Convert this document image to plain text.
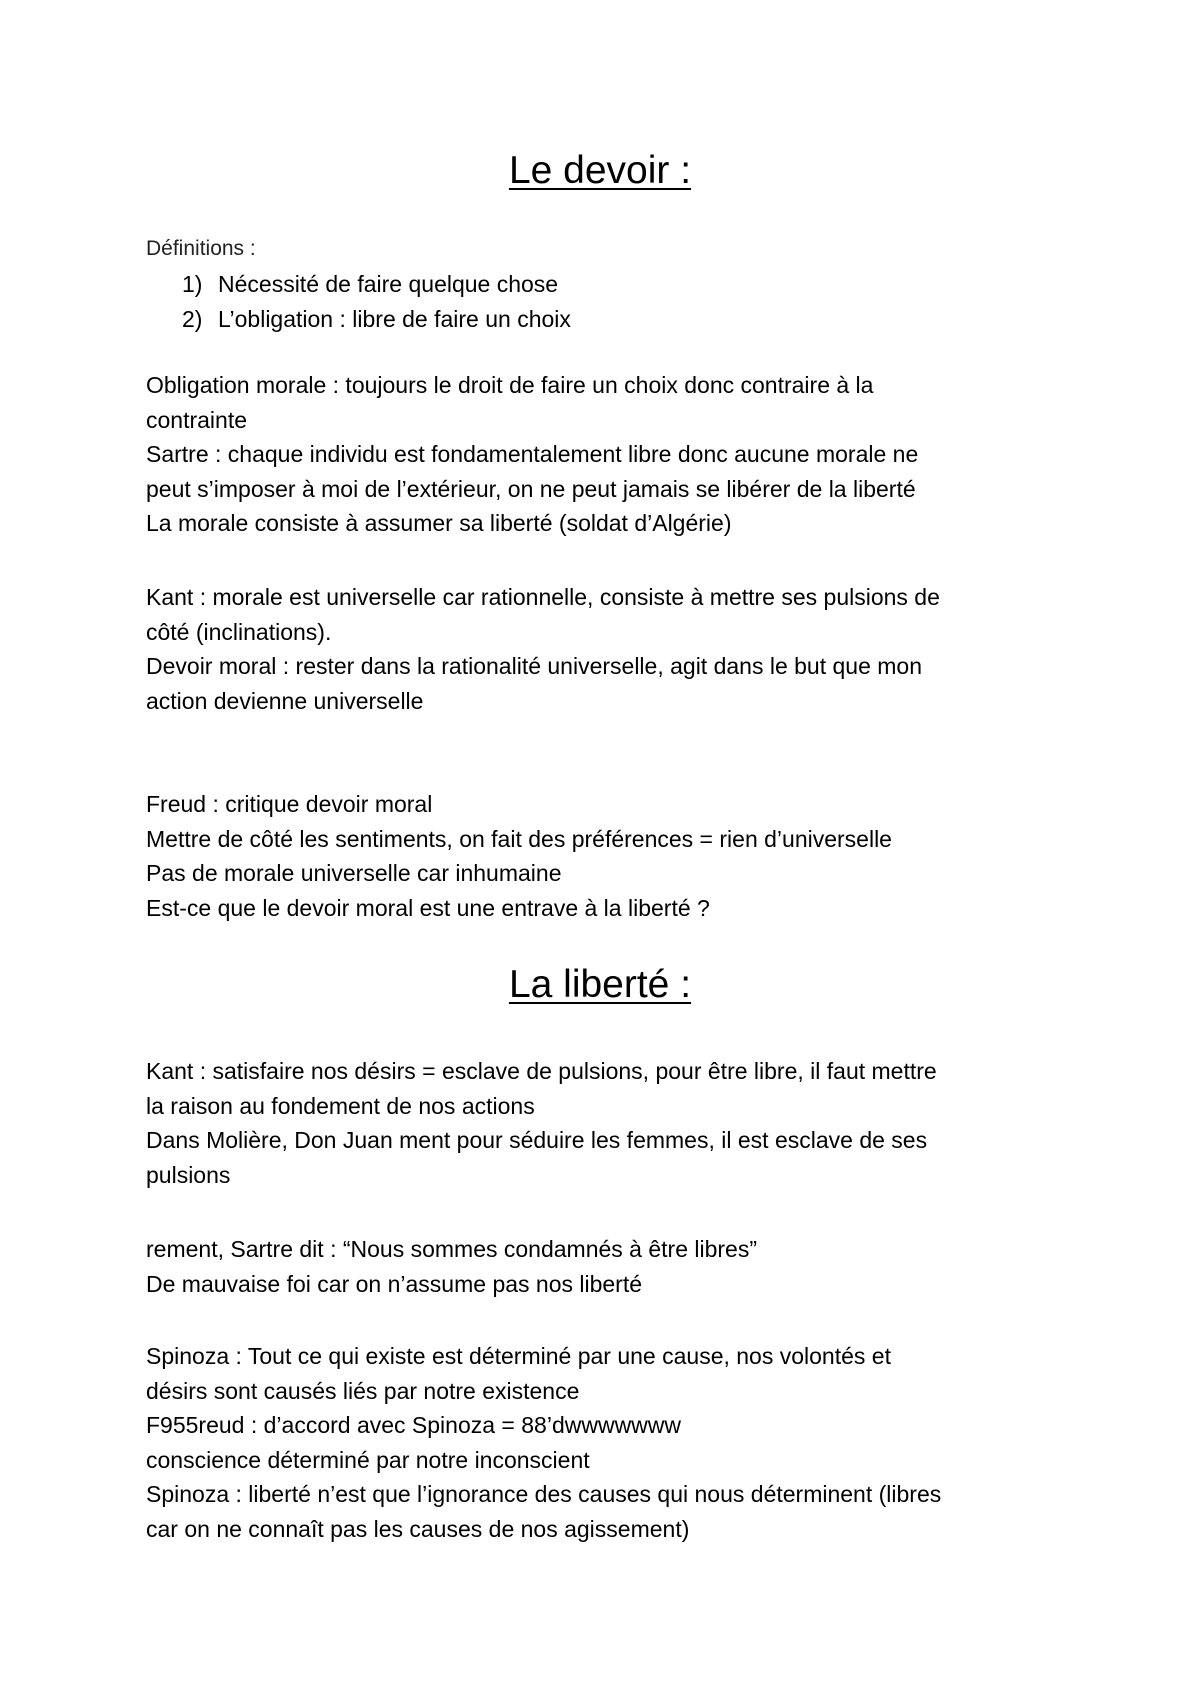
Le devoir :
Définitions :
1) Nécessité de faire quelque chose
2) L’obligation : libre de faire un choix

Obligation morale : toujours le droit de faire un choix donc contraire à la

contrainte

Sartre : chaque individu est fondamentalement libre donc aucune morale ne

peut s’imposer à moi de l’extérieur, on ne peut jamais se libérer de la liberté

La morale consiste à assumer sa liberté (soldat d’Algérie)

Kant : morale est universelle car rationnelle, consiste à mettre ses pulsions de

côté (inclinations).

Devoir moral : rester dans la rationalité universelle, agit dans le but que mon

action devienne universelle

Freud : critique devoir moral

Mettre de côté les sentiments, on fait des préférences = rien d’universelle

Pas de morale universelle car inhumaine

Est-ce que le devoir moral est une entrave à la liberté ?

La liberté :

Kant : satisfaire nos désirs = esclave de pulsions, pour être libre, il faut mettre

la raison au fondement de nos actions

Dans Molière, Don Juan ment pour séduire les femmes, il est esclave de ses

pulsions

rement, Sartre dit : “Nous sommes condamnés à être libres”

De mauvaise foi car on n’assume pas nos liberté

Spinoza : Tout ce qui existe est déterminé par une cause, nos volontés et

désirs sont causés liés par notre existence

F955reud : d’accord avec Spinoza = 88’dwwwwwww

conscience déterminé par notre inconscient

Spinoza : liberté n’est que l’ignorance des causes qui nous déterminent (libres

car on ne connaît pas les causes de nos agissement)
